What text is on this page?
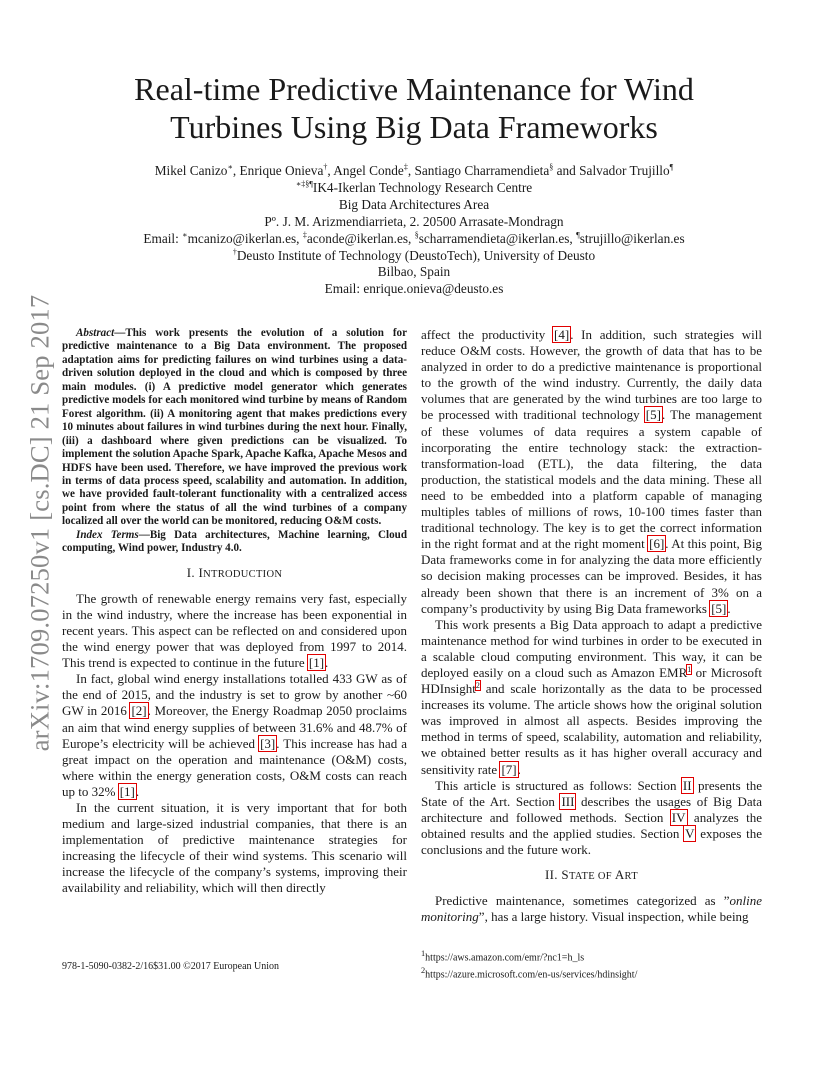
arXiv:1709.07250v1 [cs.DC] 21 Sep 2017
Real-time Predictive Maintenance for Wind
Turbines Using Big Data Frameworks
Mikel Canizo∗, Enrique Onieva†, Angel Conde‡, Santiago Charramendieta§ and Salvador Trujillo¶
∗‡§¶IK4-Ikerlan Technology Research Centre
Big Data Architectures Area
Pº. J. M. Arizmendiarrieta, 2. 20500 Arrasate-Mondragn
Email: ∗mcanizo@ikerlan.es, ‡aconde@ikerlan.es, §scharramendieta@ikerlan.es, ¶strujillo@ikerlan.es
†Deusto Institute of Technology (DeustoTech), University of Deusto
Bilbao, Spain
Email: enrique.onieva@deusto.es

Abstract—This work presents the evolution of a solution for predictive maintenance to a Big Data environment. The proposed adaptation aims for predicting failures on wind turbines using a data-driven solution deployed in the cloud and which is composed by three main modules. (i) A predictive model generator which generates predictive models for each monitored wind turbine by means of Random Forest algorithm. (ii) A monitoring agent that makes predictions every 10 minutes about failures in wind turbines during the next hour. Finally, (iii) a dashboard where given predictions can be visualized. To implement the solution Apache Spark, Apache Kafka, Apache Mesos and HDFS have been used. Therefore, we have improved the previous work in terms of data process speed, scalability and automation. In addition, we have provided fault-tolerant functionality with a centralized access point from where the status of all the wind turbines of a company localized all over the world can be monitored, reducing O&M costs.

Index Terms—Big Data architectures, Machine learning, Cloud computing, Wind power, Industry 4.0.

I. INTRODUCTION

The growth of renewable energy remains very fast, especially in the wind industry, where the increase has been exponential in recent years. This aspect can be reflected on and considered upon the wind energy power that was deployed from 1997 to 2014. This trend is expected to continue in the future [1].

In fact, global wind energy installations totalled 433 GW as of the end of 2015, and the industry is set to grow by another ~60 GW in 2016 [2]. Moreover, the Energy Roadmap 2050 proclaims an aim that wind energy supplies of between 31.6% and 48.7% of Europe’s electricity will be achieved [3]. This increase has had a great impact on the operation and maintenance (O&M) costs, where within the energy generation costs, O&M costs can reach up to 32% [1].

In the current situation, it is very important that for both medium and large-sized industrial companies, that there is an implementation of predictive maintenance strategies for increasing the lifecycle of their wind systems. This scenario will increase the lifecycle of the company’s systems, improving their availability and reliability, which will then directly

affect the productivity [4]. In addition, such strategies will reduce O&M costs. However, the growth of data that has to be analyzed in order to do a predictive maintenance is proportional to the growth of the wind industry. Currently, the daily data volumes that are generated by the wind turbines are too large to be processed with traditional technology [5]. The management of these volumes of data requires a system capable of incorporating the entire technology stack: the extraction-transformation-load (ETL), the data filtering, the data production, the statistical models and the data mining. These all need to be embedded into a platform capable of managing multiples tables of millions of rows, 10-100 times faster than traditional technology. The key is to get the correct information in the right format and at the right moment [6]. At this point, Big Data frameworks come in for analyzing the data more efficiently so decision making processes can be improved. Besides, it has already been shown that there is an increment of 3% on a company’s productivity by using Big Data frameworks [5].

This work presents a Big Data approach to adapt a predictive maintenance method for wind turbines in order to be executed in a scalable cloud computing environment. This way, it can be deployed easily on a cloud such as Amazon EMR$^1$ or Microsoft HDInsight$^2$ and scale horizontally as the data to be processed increases its volume. The article shows how the original solution was improved in almost all aspects. Besides improving the method in terms of speed, scalability, automation and reliability, we obtained better results as it has higher overall accuracy and sensitivity rate [7].

This article is structured as follows: Section II presents the State of the Art. Section III describes the usages of Big Data architecture and followed methods. Section IV analyzes the obtained results and the applied studies. Section V exposes the conclusions and the future work.

II. STATE OF ART

Predictive maintenance, sometimes categorized as ”online monitoring”, has a large history. Visual inspection, while being

$^1$https://aws.amazon.com/emr/?nc1=h_ls
$^2$https://azure.microsoft.com/en-us/services/hdinsight/
978-1-5090-0382-2/16$31.00 ©2017 European Union
